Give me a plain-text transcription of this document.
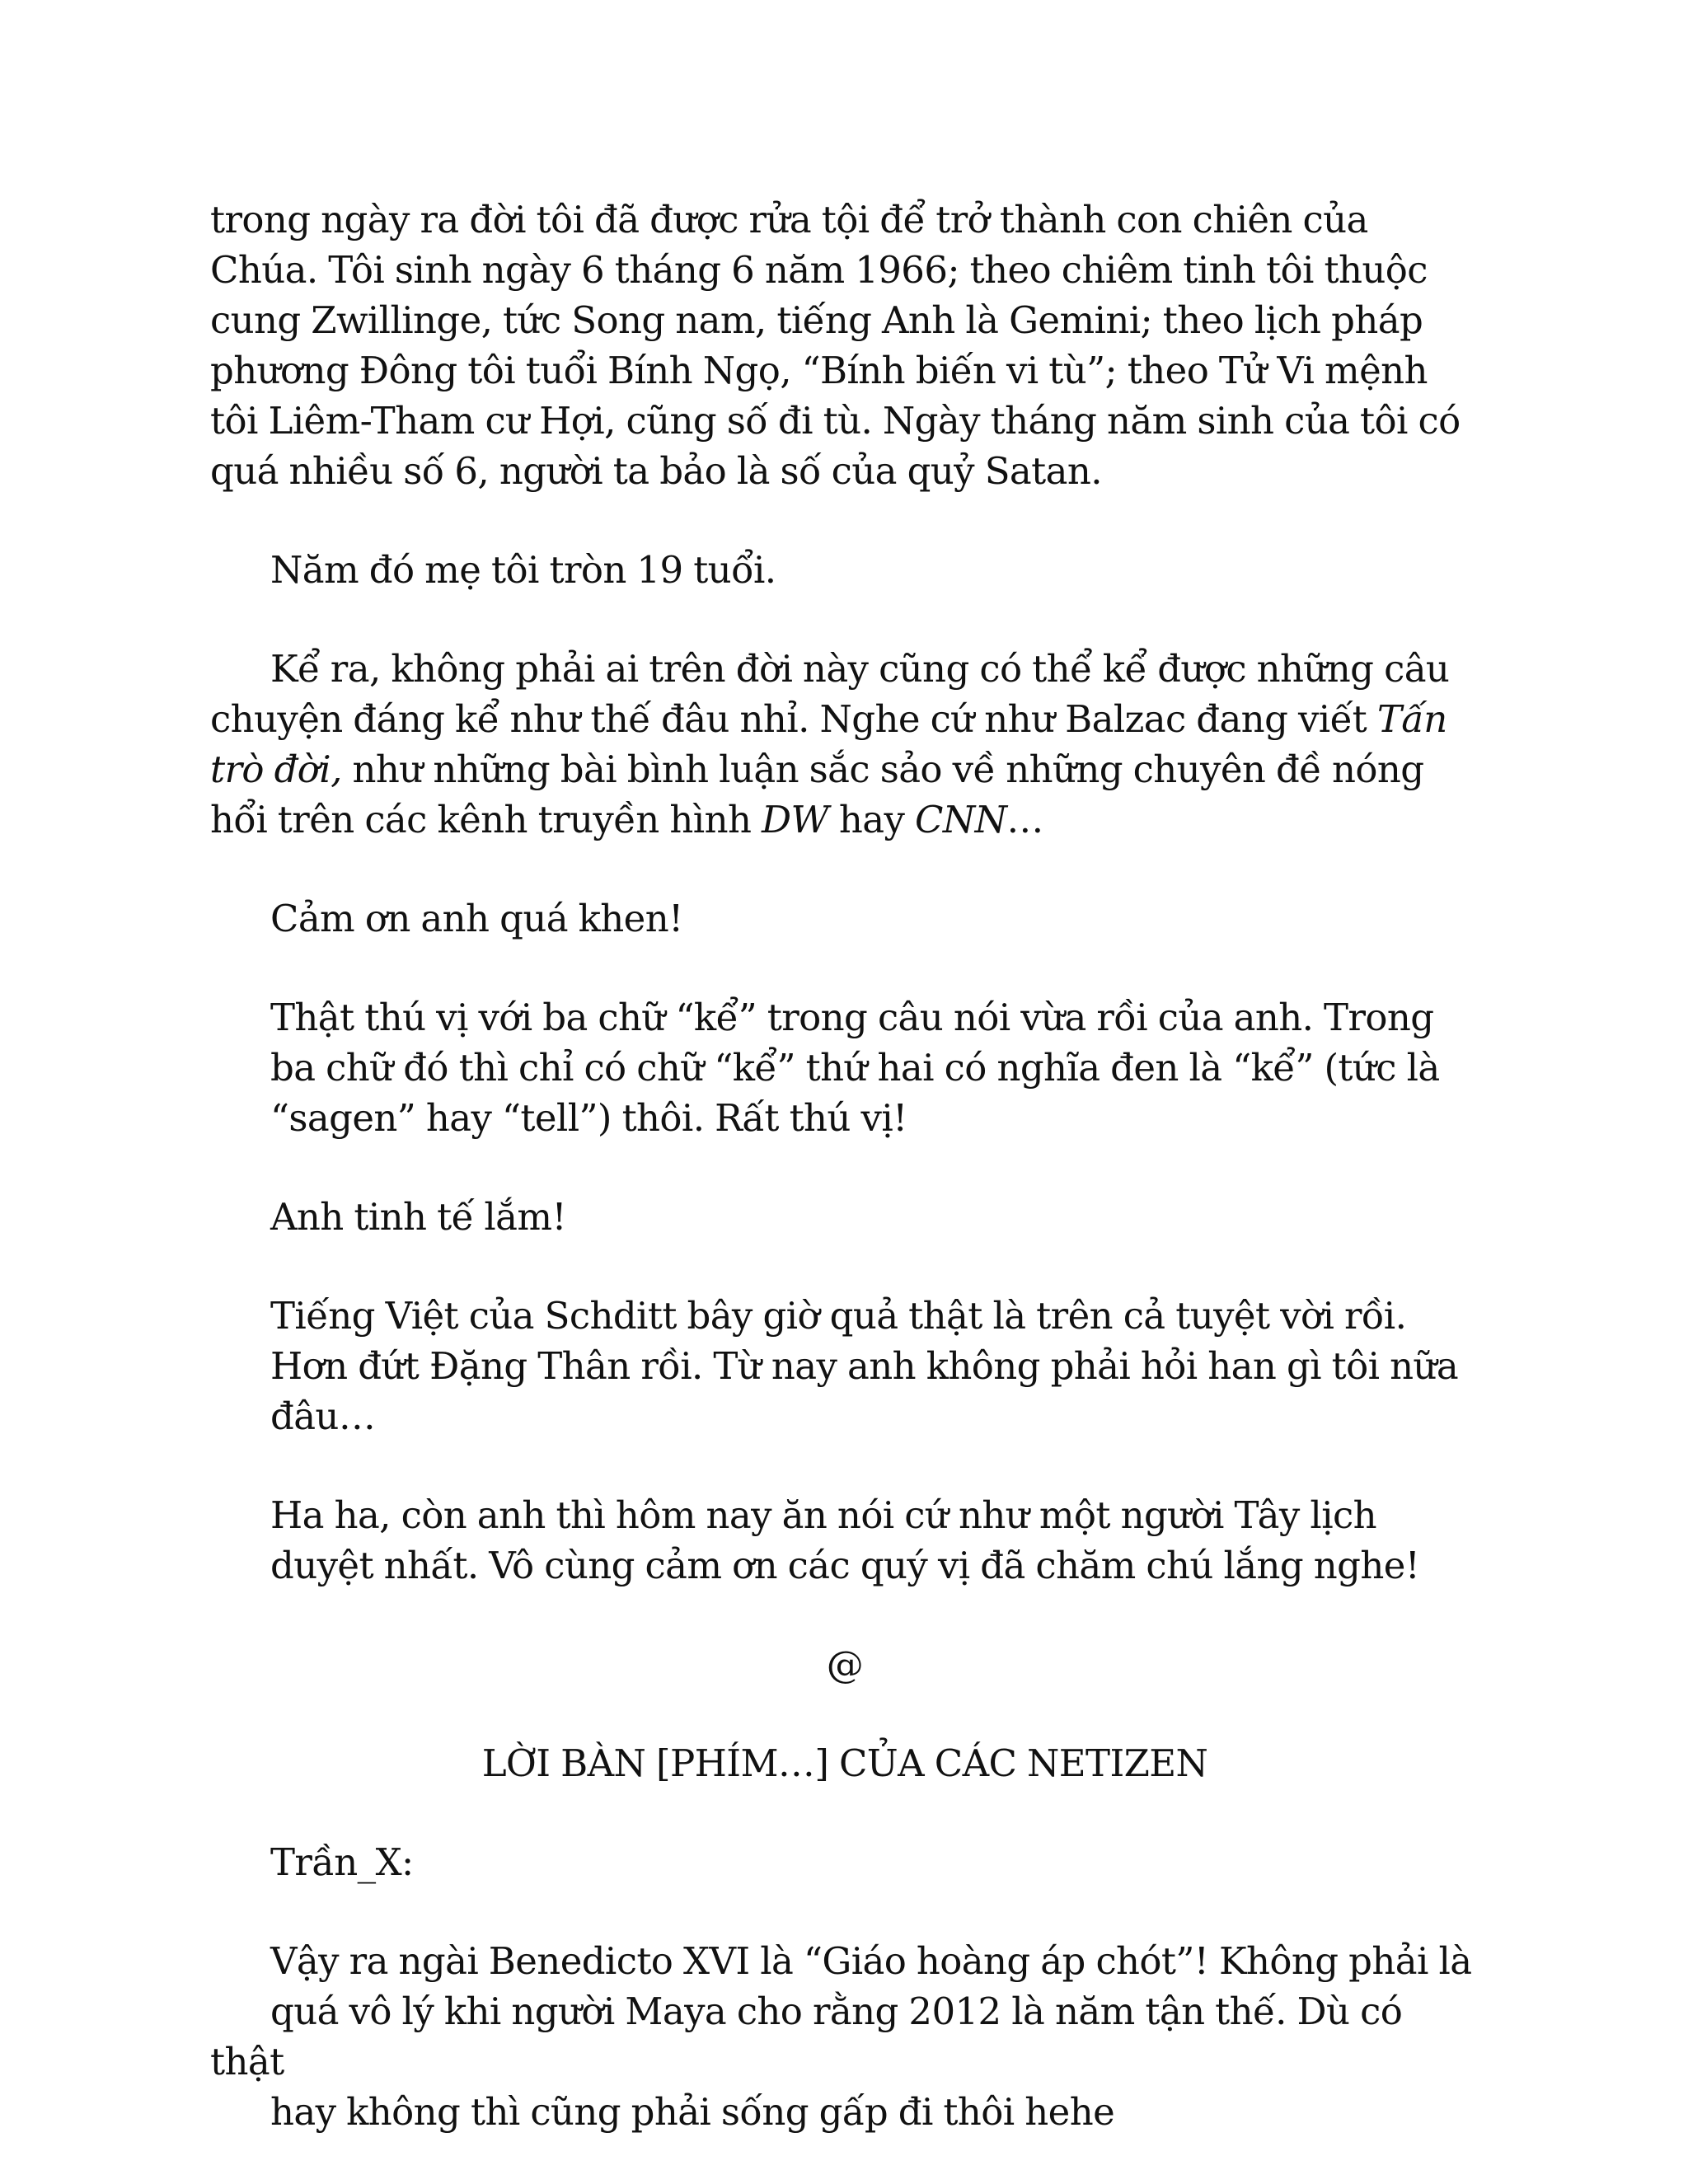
trong ngày ra đời tôi đã được rửa tội để trở thành con chiên của
Chúa. Tôi sinh ngày 6 tháng 6 năm 1966; theo chiêm tinh tôi thuộc
cung Zwillinge, tức Song nam, tiếng Anh là Gemini; theo lịch pháp
phương Đông tôi tuổi Bính Ngọ, “Bính biến vi tù”; theo Tử Vi mệnh
tôi Liêm-Tham cư Hợi, cũng số đi tù. Ngày tháng năm sinh của tôi có
quá nhiều số 6, người ta bảo là số của quỷ Satan.

Năm đó mẹ tôi tròn 19 tuổi.

Kể ra, không phải ai trên đời này cũng có thể kể được những câu
chuyện đáng kể như thế đâu nhỉ. Nghe cứ như Balzac đang viết Tấn
trò đời, như những bài bình luận sắc sảo về những chuyên đề nóng
hổi trên các kênh truyền hình DW hay CNN…

Cảm ơn anh quá khen!

Thật thú vị với ba chữ “kể” trong câu nói vừa rồi của anh. Trong
ba chữ đó thì chỉ có chữ “kể” thứ hai có nghĩa đen là “kể” (tức là
“sagen” hay “tell”) thôi. Rất thú vị!

Anh tinh tế lắm!

Tiếng Việt của Schditt bây giờ quả thật là trên cả tuyệt vời rồi.
Hơn đứt Đặng Thân rồi. Từ nay anh không phải hỏi han gì tôi nữa
đâu…

Ha ha, còn anh thì hôm nay ăn nói cứ như một người Tây lịch
duyệt nhất. Vô cùng cảm ơn các quý vị đã chăm chú lắng nghe!

@

LỜI BÀN [PHÍM…] CỦA CÁC NETIZEN

Trần_X:

Vậy ra ngài Benedicto XVI là “Giáo hoàng áp chót”! Không phải là
quá vô lý khi người Maya cho rằng 2012 là năm tận thế. Dù có thật
hay không thì cũng phải sống gấp đi thôi hehe
